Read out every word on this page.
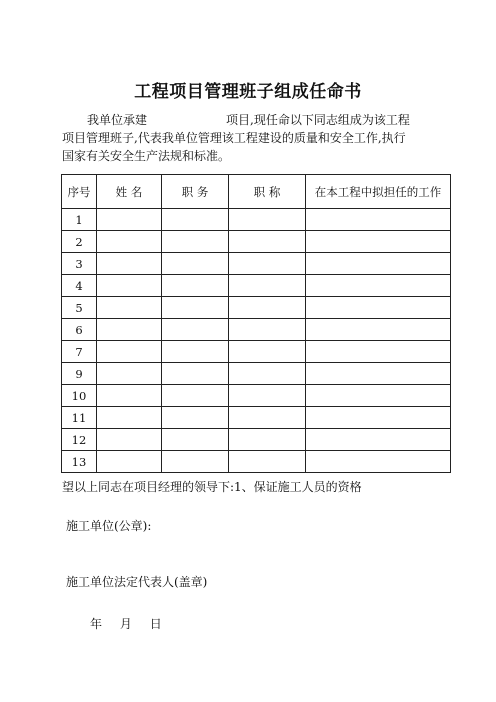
工程项目管理班子组成任命书
我单位承建	项目,现任命以下同志组成为该工程
项目管理班子,代表我单位管理该工程建设的质量和安全工作,执行
国家有关安全生产法规和标准。
序号	姓 名	职 务	职 称	在本工程中拟担任的工作
1				
2				
3				
4				
5				
6				
7				
9				
10				
11				
12				
13				
望以上同志在项目经理的领导下:1、保证施工人员的资格
施工单位(公章):
施工单位法定代表人(盖章)
年 月 日
